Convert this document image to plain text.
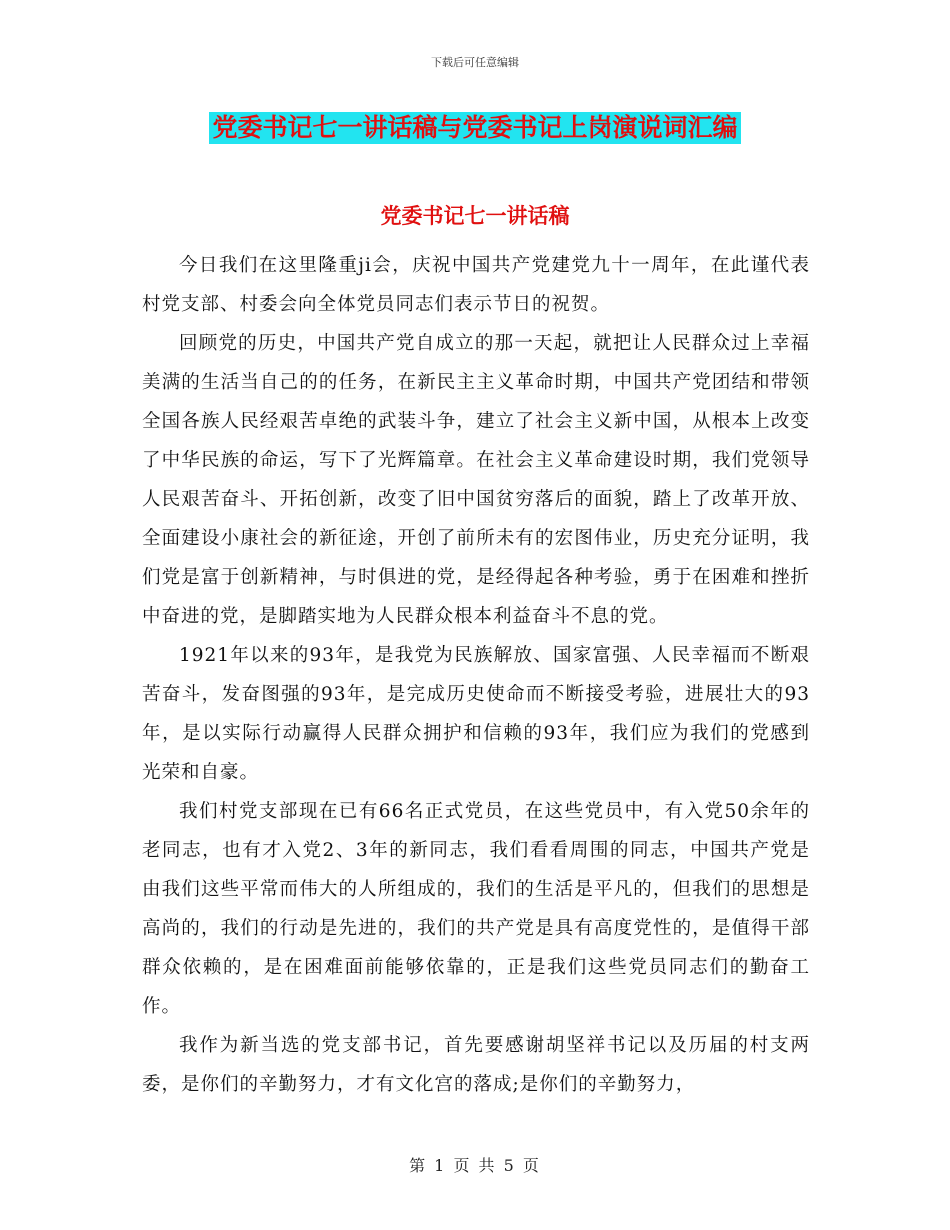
下载后可任意编辑
党委书记七一讲话稿与党委书记上岗演说词汇编
党委书记七一讲话稿

今日我们在这里隆重ji会，庆祝中国共产党建党九十一周年，在此谨代表村党支部、村委会向全体党员同志们表示节日的祝贺。

回顾党的历史，中国共产党自成立的那一天起，就把让人民群众过上幸福美满的生活当自己的的任务，在新民主主义革命时期，中国共产党团结和带领全国各族人民经艰苦卓绝的武装斗争，建立了社会主义新中国，从根本上改变了中华民族的命运，写下了光辉篇章。在社会主义革命建设时期，我们党领导人民艰苦奋斗、开拓创新，改变了旧中国贫穷落后的面貌，踏上了改革开放、全面建设小康社会的新征途，开创了前所未有的宏图伟业，历史充分证明，我们党是富于创新精神，与时俱进的党，是经得起各种考验，勇于在困难和挫折中奋进的党，是脚踏实地为人民群众根本利益奋斗不息的党。

1921年以来的93年，是我党为民族解放、国家富强、人民幸福而不断艰苦奋斗，发奋图强的93年，是完成历史使命而不断接受考验，进展壮大的93年，是以实际行动赢得人民群众拥护和信赖的93年，我们应为我们的党感到光荣和自豪。

我们村党支部现在已有66名正式党员，在这些党员中，有入党50余年的老同志，也有才入党2、3年的新同志，我们看看周围的同志，中国共产党是由我们这些平常而伟大的人所组成的，我们的生活是平凡的，但我们的思想是高尚的，我们的行动是先进的，我们的共产党是具有高度党性的，是值得干部群众依赖的，是在困难面前能够依靠的，正是我们这些党员同志们的勤奋工作。

我作为新当选的党支部书记，首先要感谢胡坚祥书记以及历届的村支两委，是你们的辛勤努力，才有文化宫的落成;是你们的辛勤努力，

第 1 页 共 5 页
